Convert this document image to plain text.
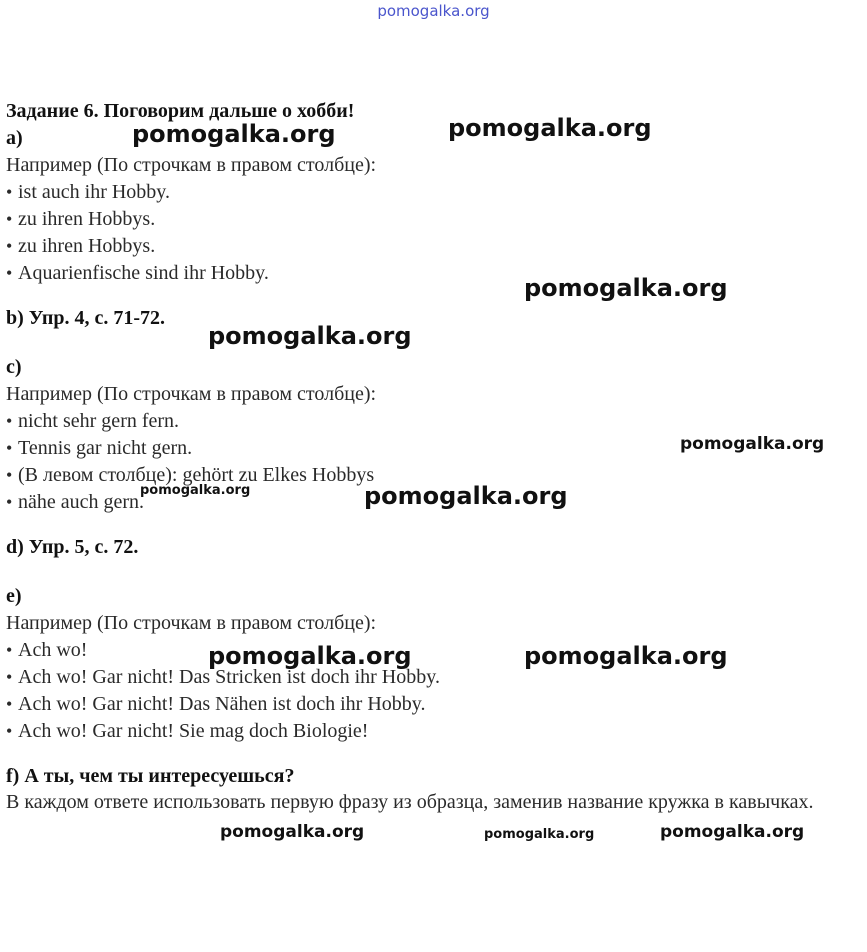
pomogalka.org
Задание 6. Поговорим дальше о хобби!
a)
Например (По строчкам в правом столбце):
• ist auch ihr Hobby.
• zu ihren Hobbys.
• zu ihren Hobbys.
• Aquarienfische sind ihr Hobby.
b) Упр. 4, с. 71-72.
c)
Например (По строчкам в правом столбце):
• nicht sehr gern fern.
• Tennis gar nicht gern.
• (В левом столбце): gehört zu Elkes Hobbys
• nähe auch gern.
d) Упр. 5, с. 72.
e)
Например (По строчкам в правом столбце):
• Ach wo!
• Ach wo! Gar nicht! Das Stricken ist doch ihr Hobby.
• Ach wo! Gar nicht! Das Nähen ist doch ihr Hobby.
• Ach wo! Gar nicht! Sie mag doch Biologie!
f) А ты, чем ты интересуешься?
В каждом ответе использовать первую фразу из образца, заменив название кружка в кавычках.
pomogalka.org	pomogalka.org
pomogalka.org
pomogalka.org
pomogalka.org
pomogalka.org	pomogalka.org
pomogalka.org	pomogalka.org
pomogalka.org	pomogalka.org	pomogalka.org
